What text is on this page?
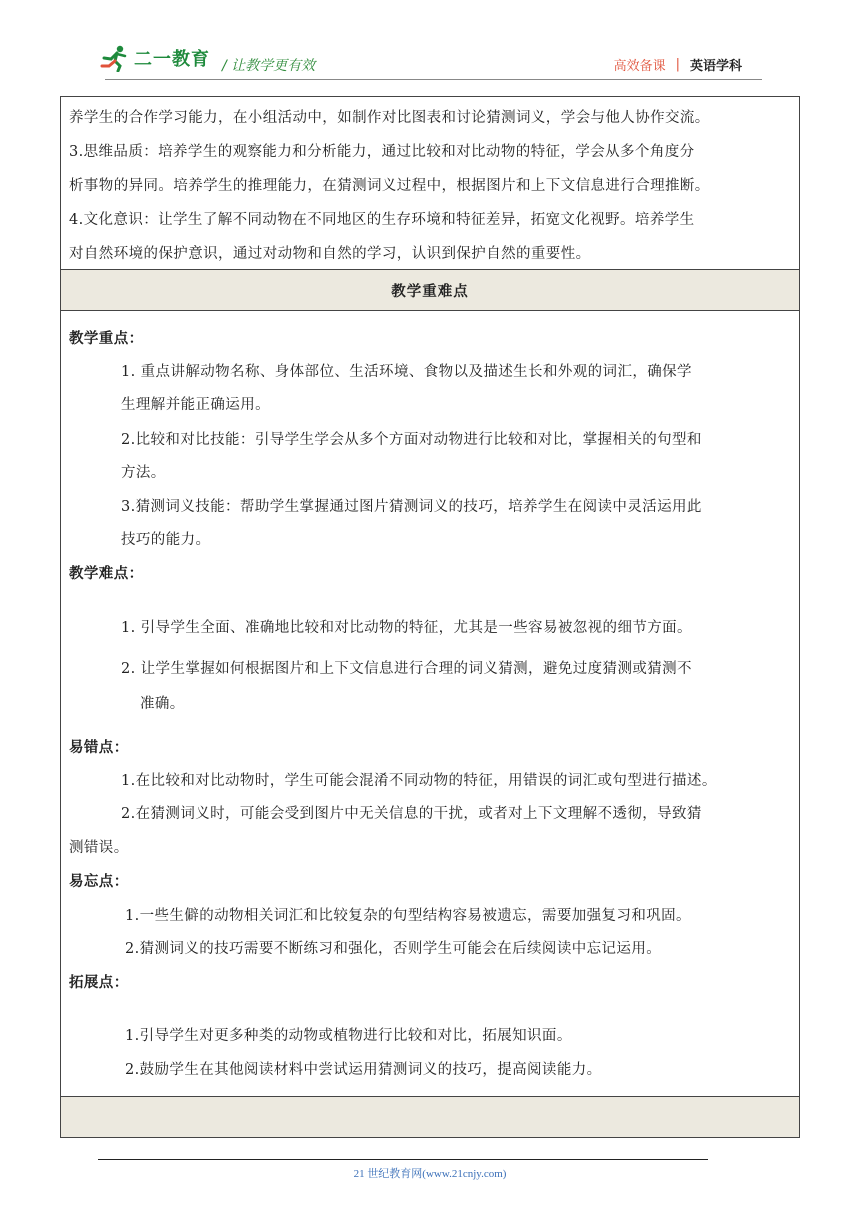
二一教育 / 让教学更有效	高效备课 | 英语学科
养学生的合作学习能力，在小组活动中，如制作对比图表和讨论猜测词义，学会与他人协作交流。
3.思维品质：培养学生的观察能力和分析能力，通过比较和对比动物的特征，学会从多个角度分
析事物的异同。培养学生的推理能力，在猜测词义过程中，根据图片和上下文信息进行合理推断。
4.文化意识：让学生了解不同动物在不同地区的生存环境和特征差异，拓宽文化视野。培养学生
对自然环境的保护意识，通过对动物和自然的学习，认识到保护自然的重要性。
教学重难点
教学重点：
1. 重点讲解动物名称、身体部位、生活环境、食物以及描述生长和外观的词汇，确保学
生理解并能正确运用。
2.比较和对比技能：引导学生学会从多个方面对动物进行比较和对比，掌握相关的句型和
方法。
3.猜测词义技能：帮助学生掌握通过图片猜测词义的技巧，培养学生在阅读中灵活运用此
技巧的能力。
教学难点：
1. 引导学生全面、准确地比较和对比动物的特征，尤其是一些容易被忽视的细节方面。
2. 让学生掌握如何根据图片和上下文信息进行合理的词义猜测，避免过度猜测或猜测不
准确。
易错点：
1.在比较和对比动物时，学生可能会混淆不同动物的特征，用错误的词汇或句型进行描述。
2.在猜测词义时，可能会受到图片中无关信息的干扰，或者对上下文理解不透彻，导致猜
测错误。
易忘点：
1.一些生僻的动物相关词汇和比较复杂的句型结构容易被遗忘，需要加强复习和巩固。
2.猜测词义的技巧需要不断练习和强化，否则学生可能会在后续阅读中忘记运用。
拓展点：
1.引导学生对更多种类的动物或植物进行比较和对比，拓展知识面。
2.鼓励学生在其他阅读材料中尝试运用猜测词义的技巧，提高阅读能力。
21 世纪教育网(www.21cnjy.com)
